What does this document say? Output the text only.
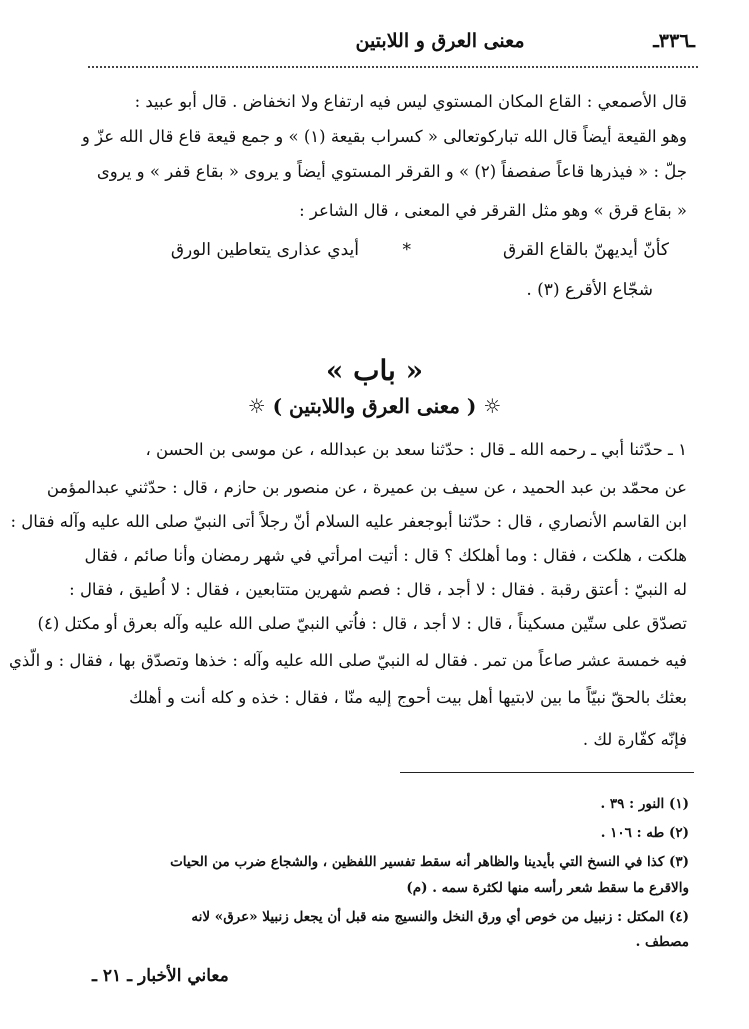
معنى العرق و اللابتين	ـ٣٣٦ـ
قال الأصمعي : القاع المكان المستوي ليس فيه ارتفاع ولا انخفاض . قال أبو عبيد :
وهو القيعة أيضاً قال الله تباركوتعالى « كسراب بقيعة (١) » و جمع قيعة قاع قال الله عزّ و
جلّ : « فيذرها قاعاً صفصفاً (٢) » و القرقر المستوي أيضاً و يروى « بقاع قفر » و يروى
« بقاع قرق » وهو مثل القرقر في المعنى ، قال الشاعر :
كأنّ أيديهنّ بالقاع القرق
*
أيدي عذارى يتعاطين الورق
شجّاع الأقرع (٣) .
« باب »
☼ ( معنى العرق واللابتين ) ☼
١ ـ حدّثنا أبي ـ رحمه الله ـ قال : حدّثنا سعد بن عبدالله ، عن موسى بن الحسن ،
عن محمّد بن عبد الحميد ، عن سيف بن عميرة ، عن منصور بن حازم ، قال : حدّثني عبدالمؤمن
ابن القاسم الأنصاري ، قال : حدّثنا أبوجعفر عليه السلام أنّ رجلاً أتى النبيّ صلى الله عليه وآله فقال :
هلكت ، هلكت ، فقال : وما أهلكك ؟ قال : أتيت امرأتي في شهر رمضان وأنا صائم ، فقال
له النبيّ : أعتق رقبة . فقال : لا أجد ، قال : فصم شهرين متتابعين ، فقال : لا اُطيق ، فقال :
تصدّق على ستّين مسكيناً ، قال : لا أجد ، قال : فاُتي النبيّ صلى الله عليه وآله بعرق أو مكتل (٤)
فيه خمسة عشر صاعاً من تمر . فقال له النبيّ صلى الله عليه وآله : خذها وتصدّق بها ، فقال : و الّذي
بعثك بالحقّ نبيّاً ما بين لابتيها أهل بيت أحوج إليه منّا ، فقال : خذه و كله أنت و أهلك
فإنّه كفّارة لك .
(١) النور : ٣٩ .
(٢) طه : ١٠٦ .
(٣) كذا في النسخ التي بأيدينا والظاهر أنه سقط تفسير اللفظين ، والشجاع ضرب من الحيات
والاقرع ما سقط شعر رأسه منها لكثرة سمه . (م)
(٤) المكتل : زنبيل من خوص أي ورق النخل والنسيج منه قبل أن يجعل زنبيلا «عرق» لانه
مصطف .
معاني الأخبار ـ ٢١ ـ
